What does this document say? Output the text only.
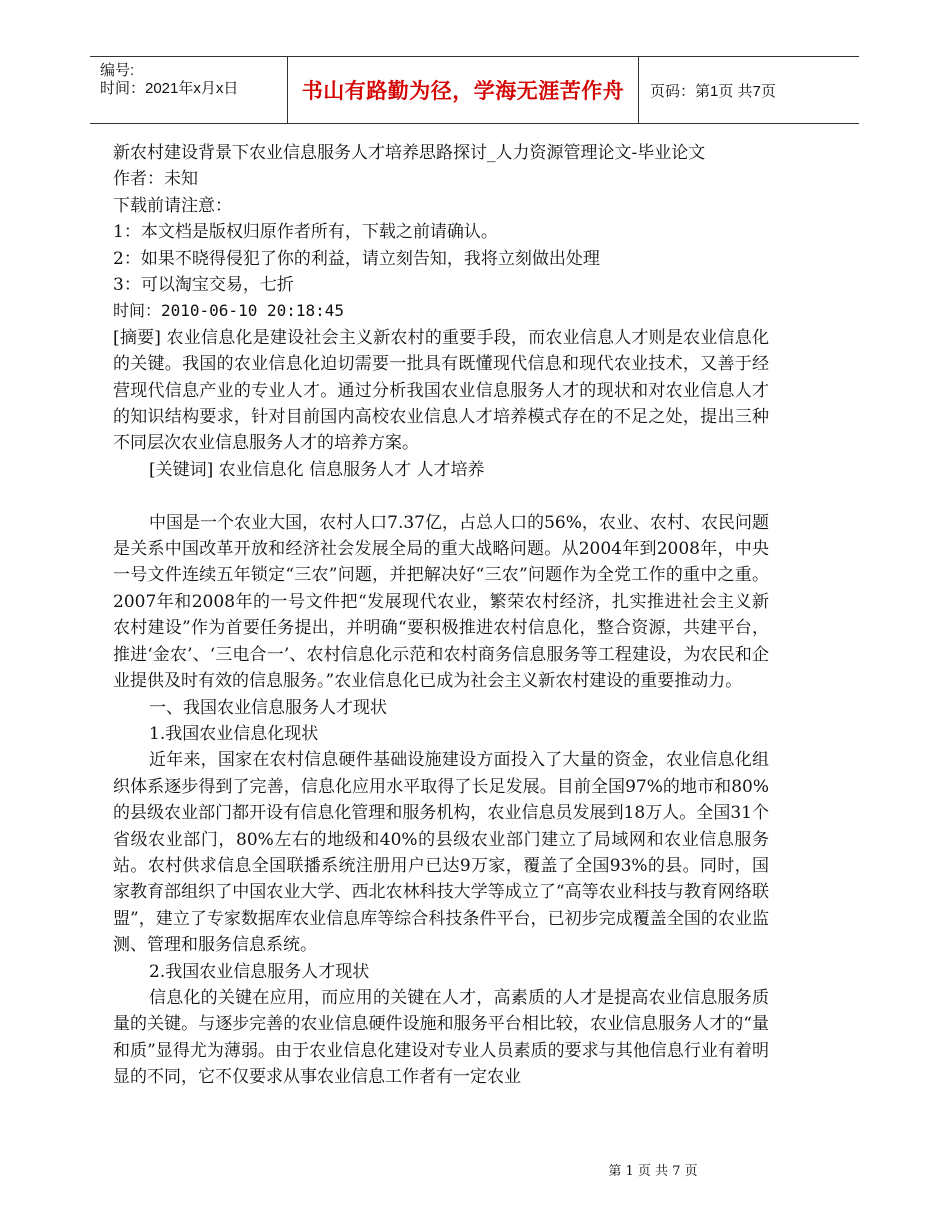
编号:
时间：2021年x月x日	书山有路勤为径，学海无涯苦作舟 页码：第1页 共7页

新农村建设背景下农业信息服务人才培养思路探讨_人力资源管理论文-毕业论文

作者：未知

下载前请注意：

1：本文档是版权归原作者所有，下载之前请确认。

2：如果不晓得侵犯了你的利益，请立刻告知，我将立刻做出处理

3：可以淘宝交易，七折

时间：2010-06-10 20:18:45

[摘要] 农业信息化是建设社会主义新农村的重要手段，而农业信息人才则是农业信息化的关键。我国的农业信息化迫切需要一批具有既懂现代信息和现代农业技术，又善于经营现代信息产业的专业人才。通过分析我国农业信息服务人才的现状和对农业信息人才的知识结构要求，针对目前国内高校农业信息人才培养模式存在的不足之处，提出三种不同层次农业信息服务人才的培养方案。

[关键词] 农业信息化 信息服务人才 人才培养

中国是一个农业大国，农村人口7.37亿，占总人口的56%，农业、农村、农民问题是关系中国改革开放和经济社会发展全局的重大战略问题。从2004年到2008年，中央一号文件连续五年锁定“三农”问题，并把解决好“三农”问题作为全党工作的重中之重。2007年和2008年的一号文件把“发展现代农业，繁荣农村经济，扎实推进社会主义新农村建设”作为首要任务提出，并明确“要积极推进农村信息化，整合资源，共建平台，推进‘金农’、‘三电合一’、农村信息化示范和农村商务信息服务等工程建设，为农民和企业提供及时有效的信息服务。”农业信息化已成为社会主义新农村建设的重要推动力。

一、我国农业信息服务人才现状

1.我国农业信息化现状

近年来，国家在农村信息硬件基础设施建设方面投入了大量的资金，农业信息化组织体系逐步得到了完善，信息化应用水平取得了长足发展。目前全国97%的地市和80%的县级农业部门都开设有信息化管理和服务机构，农业信息员发展到18万人。全国31个省级农业部门，80%左右的地级和40%的县级农业部门建立了局域网和农业信息服务站。农村供求信息全国联播系统注册用户已达9万家，覆盖了全国93%的县。同时，国家教育部组织了中国农业大学、西北农林科技大学等成立了“高等农业科技与教育网络联盟”，建立了专家数据库农业信息库等综合科技条件平台，已初步完成覆盖全国的农业监测、管理和服务信息系统。

2.我国农业信息服务人才现状

信息化的关键在应用，而应用的关键在人才，高素质的人才是提高农业信息服务质量的关键。与逐步完善的农业信息硬件设施和服务平台相比较，农业信息服务人才的“量和质”显得尤为薄弱。由于农业信息化建设对专业人员素质的要求与其他信息行业有着明显的不同，它不仅要求从事农业信息工作者有一定农业

第 1 页 共 7 页
